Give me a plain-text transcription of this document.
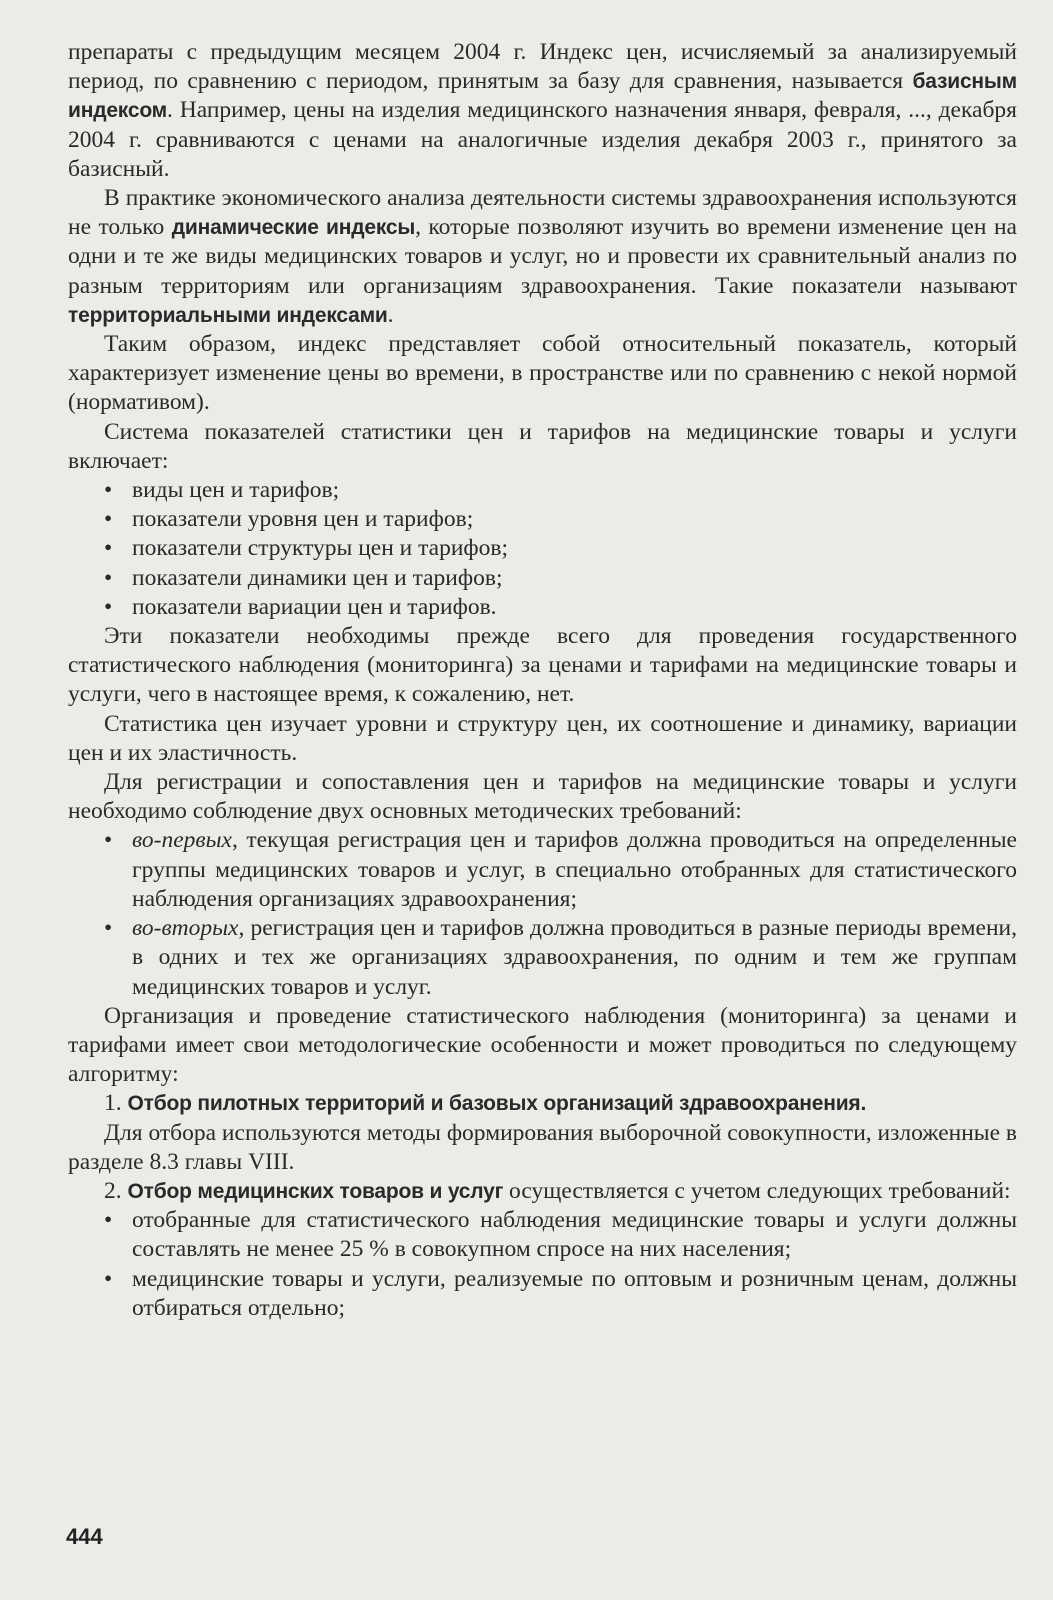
препараты с предыдущим месяцем 2004 г. Индекс цен, исчисляемый за анализируемый период, по сравнению с периодом, принятым за базу для сравнения, называется базисным индексом. Например, цены на изделия медицинского назначения января, февраля, ..., декабря 2004 г. сравниваются с ценами на аналогичные изделия декабря 2003 г., принятого за базисный.

В практике экономического анализа деятельности системы здравоохранения используются не только динамические индексы, которые позволяют изучить во времени изменение цен на одни и те же виды медицинских товаров и услуг, но и провести их сравнительный анализ по разным территориям или организациям здравоохранения. Такие показатели называют территориальными индексами.

Таким образом, индекс представляет собой относительный показатель, который характеризует изменение цены во времени, в пространстве или по сравнению с некой нормой (нормативом).

Система показателей статистики цен и тарифов на медицинские товары и услуги включает:

• виды цен и тарифов;
• показатели уровня цен и тарифов;
• показатели структуры цен и тарифов;
• показатели динамики цен и тарифов;
• показатели вариации цен и тарифов.

Эти показатели необходимы прежде всего для проведения государственного статистического наблюдения (мониторинга) за ценами и тарифами на медицинские товары и услуги, чего в настоящее время, к сожалению, нет.

Статистика цен изучает уровни и структуру цен, их соотношение и динамику, вариации цен и их эластичность.

Для регистрации и сопоставления цен и тарифов на медицинские товары и услуги необходимо соблюдение двух основных методических требований:

• во-первых, текущая регистрация цен и тарифов должна проводиться на определенные группы медицинских товаров и услуг, в специально отобранных для статистического наблюдения организациях здравоохранения;
• во-вторых, регистрация цен и тарифов должна проводиться в разные периоды времени, в одних и тех же организациях здравоохранения, по одним и тем же группам медицинских товаров и услуг.

Организация и проведение статистического наблюдения (мониторинга) за ценами и тарифами имеет свои методологические особенности и может проводиться по следующему алгоритму:

1. Отбор пилотных территорий и базовых организаций здравоохранения.

Для отбора используются методы формирования выборочной совокупности, изложенные в разделе 8.3 главы VIII.

2. Отбор медицинских товаров и услуг осуществляется с учетом следующих требований:

• отобранные для статистического наблюдения медицинские товары и услуги должны составлять не менее 25 % в совокупном спросе на них населения;
• медицинские товары и услуги, реализуемые по оптовым и розничным ценам, должны отбираться отдельно;
444
